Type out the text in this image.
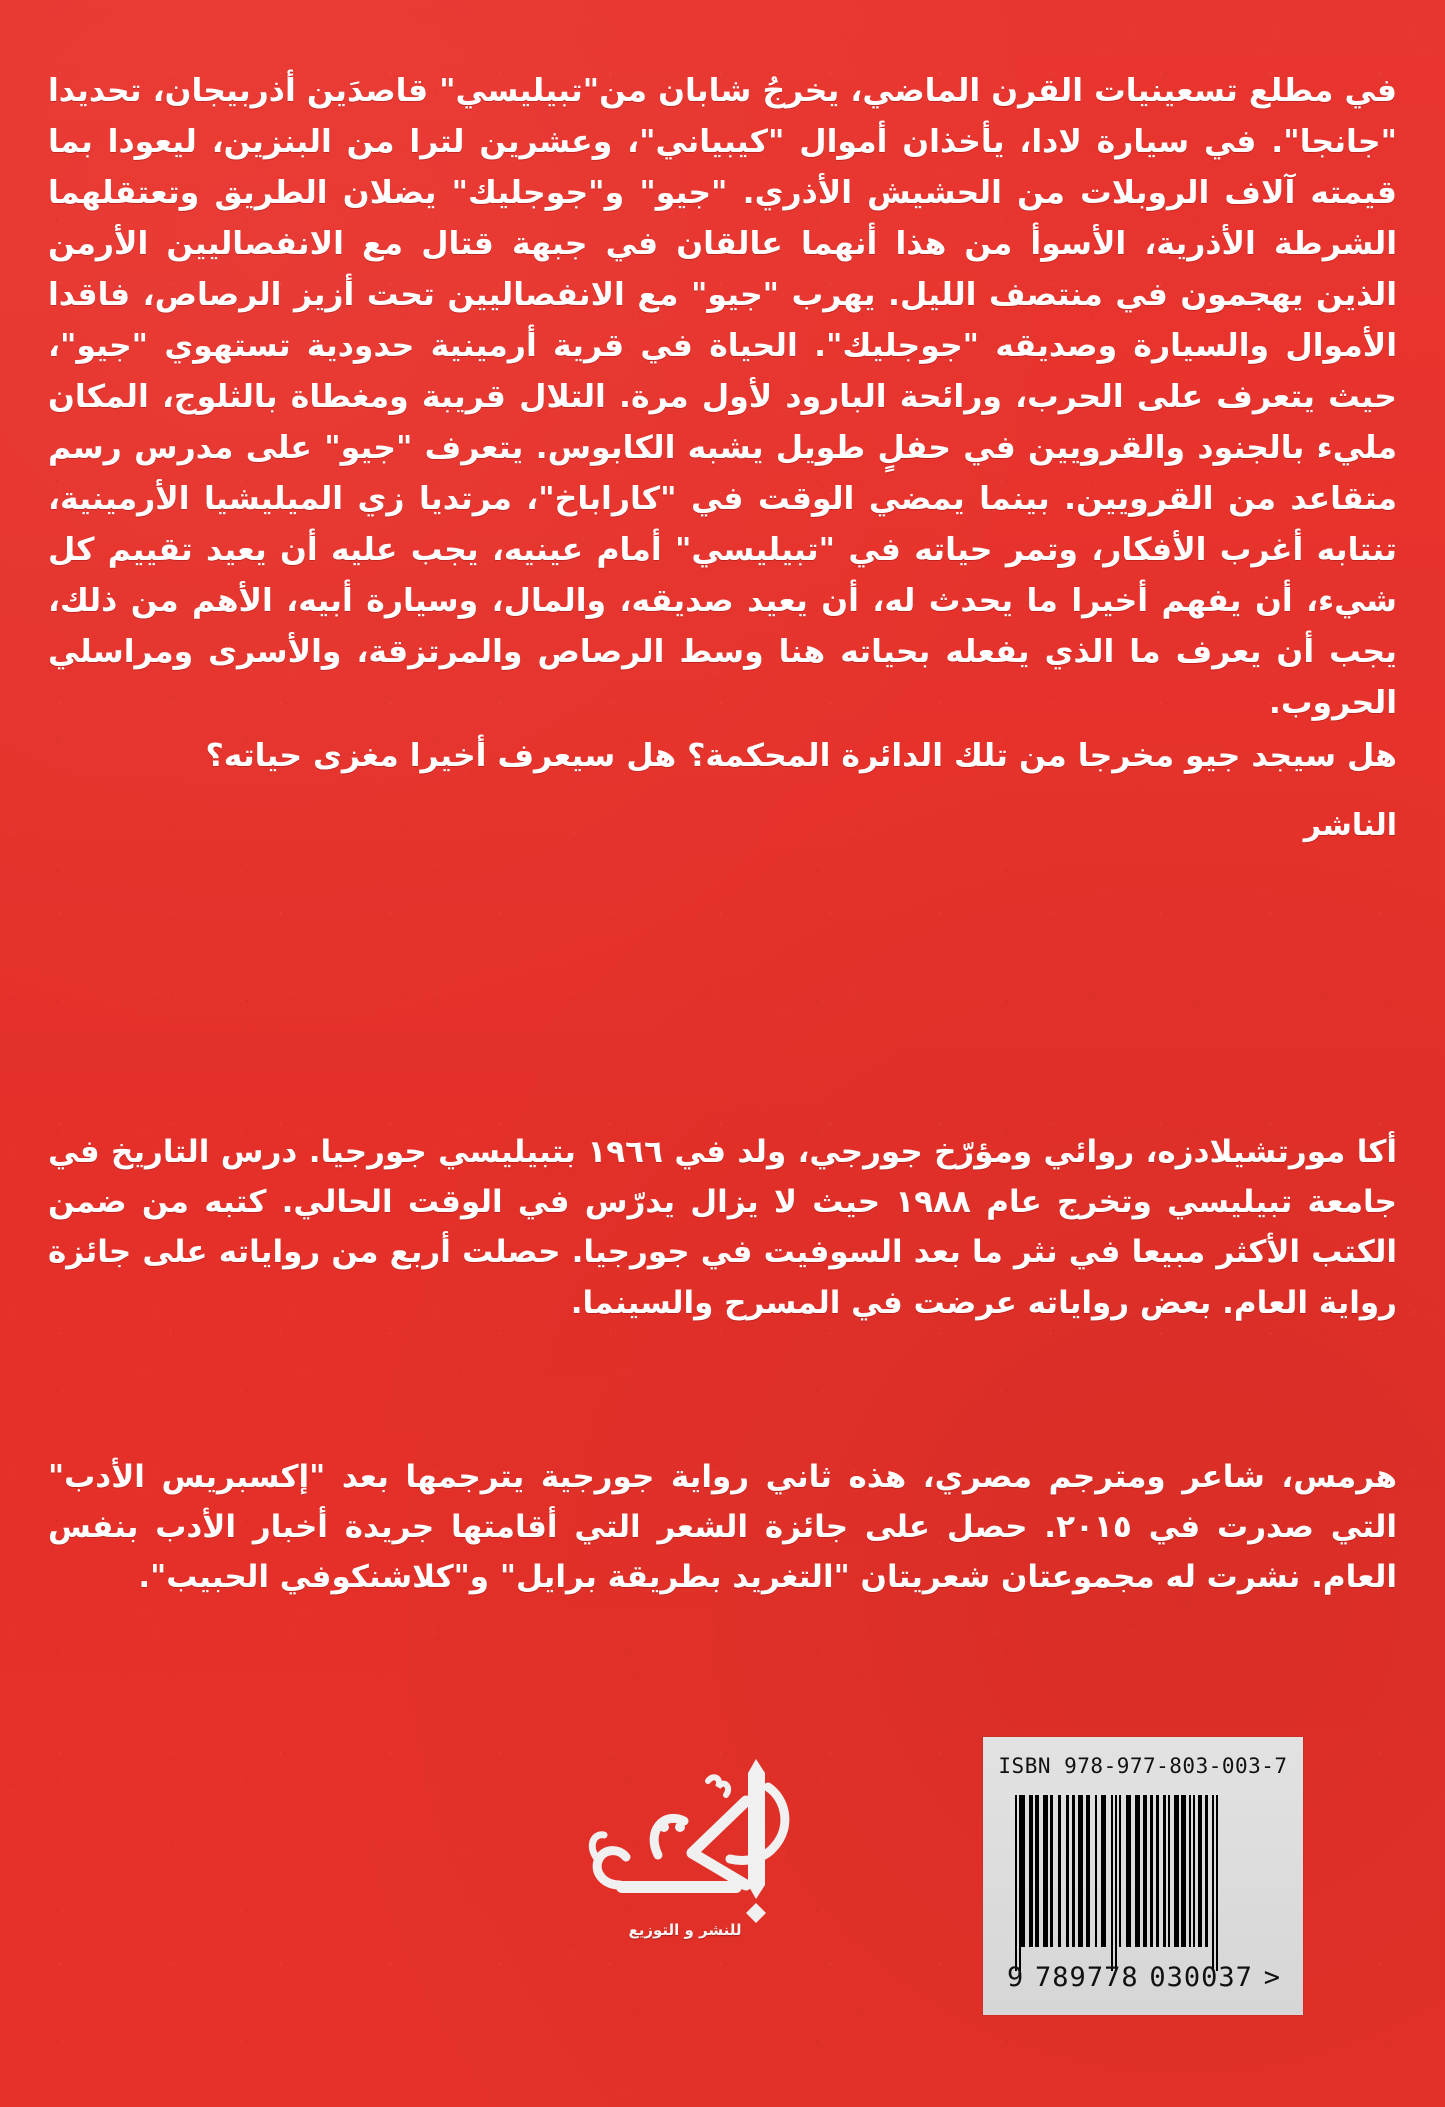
في مطلع تسعينيات القرن الماضي، يخرجُ شابان من"تبيليسي" قاصدَين أذربيجان، تحديدا "جانجا". في سيارة لادا، يأخذان أموال "كيبياني"، وعشرين لترا من البنزين، ليعودا بما قيمته آلاف الروبلات من الحشيش الأذري. "جيو" و"جوجليك" يضلان الطريق وتعتقلهما الشرطة الأذرية، الأسوأ من هذا أنهما عالقان في جبهة قتال مع الانفصاليين الأرمن الذين يهجمون في منتصف الليل. يهرب "جيو" مع الانفصاليين تحت أزيز الرصاص، فاقدا الأموال والسيارة وصديقه "جوجليك". الحياة في قرية أرمينية حدودية تستهوي "جيو"، حيث يتعرف على الحرب، ورائحة البارود لأول مرة. التلال قريبة ومغطاة بالثلوج، المكان مليء بالجنود والقرويين في حفلٍ طويل يشبه الكابوس. يتعرف "جيو" على مدرس رسم متقاعد من القرويين. بينما يمضي الوقت في "كاراباخ"، مرتديا زي الميليشيا الأرمينية، تنتابه أغرب الأفكار، وتمر حياته في "تبيليسي" أمام عينيه، يجب عليه أن يعيد تقييم كل شيء، أن يفهم أخيرا ما يحدث له، أن يعيد صديقه، والمال، وسيارة أبيه، الأهم من ذلك، يجب أن يعرف ما الذي يفعله بحياته هنا وسط الرصاص والمرتزقة، والأسرى ومراسلي الحروب.

هل سيجد جيو مخرجا من تلك الدائرة المحكمة؟ هل سيعرف أخيرا مغزى حياته؟

الناشر

أكا مورتشيلادزه، روائي ومؤرّخ جورجي، ولد في ١٩٦٦ بتبيليسي جورجيا. درس التاريخ في جامعة تبيليسي وتخرج عام ١٩٨٨ حيث لا يزال يدرّس في الوقت الحالي. كتبه من ضمن الكتب الأكثر مبيعا في نثر ما بعد السوفيت في جورجيا. حصلت أربع من رواياته على جائزة رواية العام. بعض رواياته عرضت في المسرح والسينما.

هرمس، شاعر ومترجم مصري، هذه ثاني رواية جورجية يترجمها بعد "إكسبريس الأدب" التي صدرت في ٢٠١٥. حصل على جائزة الشعر التي أقامتها جريدة أخبار الأدب بنفس العام. نشرت له مجموعتان شعريتان "التغريد بطريقة برايل" و"كلاشنكوفي الحبيب".

للنشر و التوزيع
ISBN 978-977-803-003-7
9 789778 030037 >
